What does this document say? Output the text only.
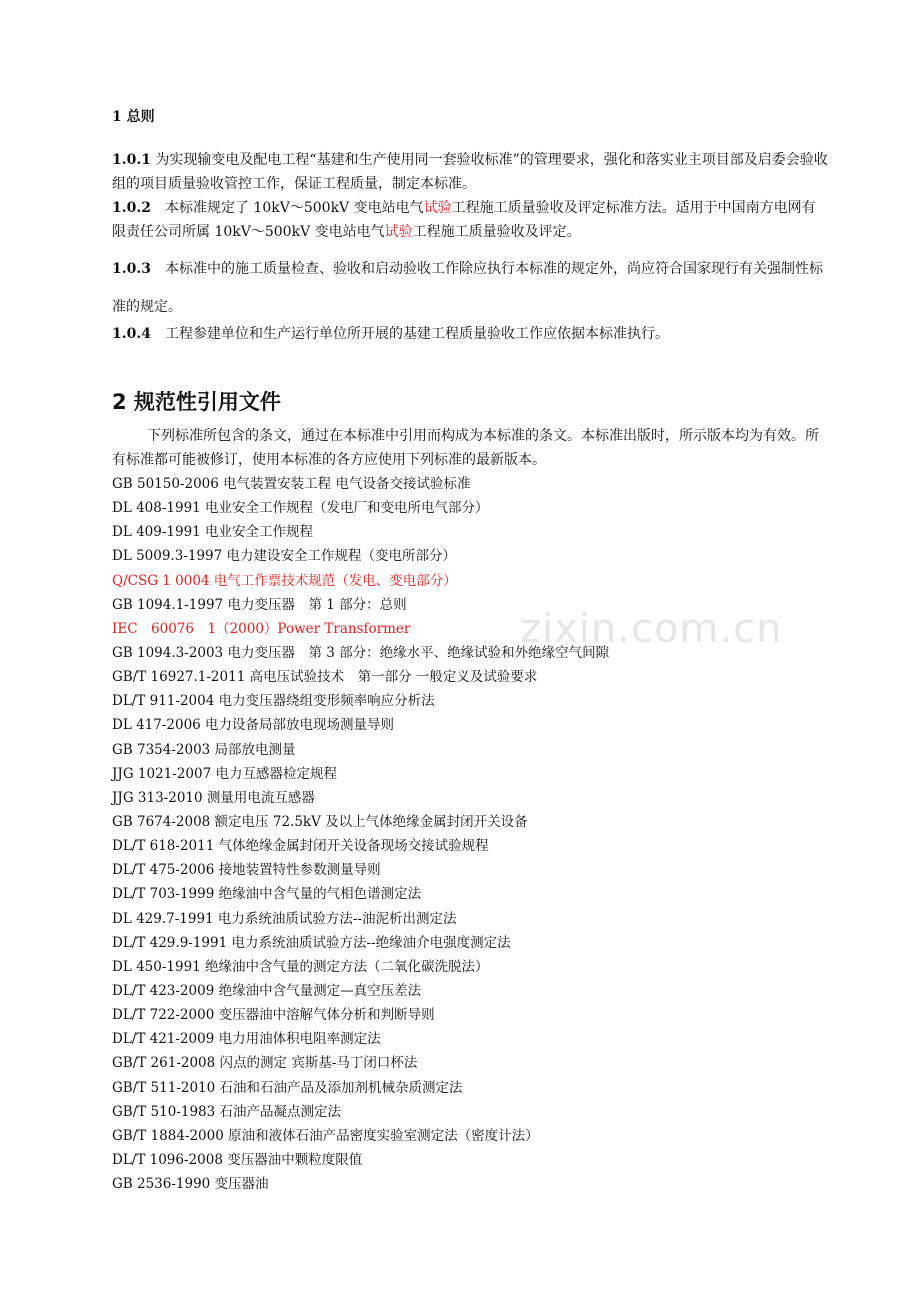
zixin.com.cn
1 总则
1.0.1 为实现输变电及配电工程“基建和生产使用同一套验收标准”的管理要求，强化和落实业主项目部及启委会验收组的项目质量验收管控工作，保证工程质量，制定本标准。
1.0.2　本标准规定了 10kV～500kV 变电站电气试验工程施工质量验收及评定标准方法。适用于中国南方电网有限责任公司所属 10kV～500kV 变电站电气试验工程施工质量验收及评定。
1.0.3　本标准中的施工质量检查、验收和启动验收工作除应执行本标准的规定外，尚应符合国家现行有关强制性标准的规定。
1.0.4　工程参建单位和生产运行单位所开展的基建工程质量验收工作应依据本标准执行。
2 规范性引用文件
下列标准所包含的条文，通过在本标准中引用而构成为本标准的条文。本标准出版时，所示版本均为有效。所有标准都可能被修订，使用本标准的各方应使用下列标准的最新版本。
GB 50150-2006 电气装置安装工程 电气设备交接试验标准
DL 408-1991 电业安全工作规程（发电厂和变电所电气部分）
DL 409-1991 电业安全工作规程
DL 5009.3-1997 电力建设安全工作规程（变电所部分）
Q/CSG 1 0004 电气工作票技术规范（发电、变电部分）
GB 1094.1-1997 电力变压器　第 1 部分：总则
IEC　60076　1（2000）Power Transformer
GB 1094.3-2003 电力变压器　第 3 部分：绝缘水平、绝缘试验和外绝缘空气间隙
GB/T 16927.1-2011 高电压试验技术　第一部分 一般定义及试验要求
DL/T 911-2004 电力变压器绕组变形频率响应分析法
DL 417-2006 电力设备局部放电现场测量导则
GB 7354-2003 局部放电测量
JJG 1021-2007 电力互感器检定规程
JJG 313-2010 测量用电流互感器
GB 7674-2008 额定电压 72.5kV 及以上气体绝缘金属封闭开关设备
DL/T 618-2011 气体绝缘金属封闭开关设备现场交接试验规程
DL/T 475-2006 接地装置特性参数测量导则
DL/T 703-1999 绝缘油中含气量的气相色谱测定法
DL 429.7-1991 电力系统油质试验方法--油泥析出测定法
DL/T 429.9-1991 电力系统油质试验方法--绝缘油介电强度测定法
DL 450-1991 绝缘油中含气量的测定方法（二氧化碳洗脱法）
DL/T 423-2009 绝缘油中含气量测定—真空压差法
DL/T 722-2000 变压器油中溶解气体分析和判断导则
DL/T 421-2009 电力用油体积电阻率测定法
GB/T 261-2008 闪点的测定 宾斯基-马丁闭口杯法
GB/T 511-2010 石油和石油产品及添加剂机械杂质测定法
GB/T 510-1983 石油产品凝点测定法
GB/T 1884-2000 原油和液体石油产品密度实验室测定法（密度计法）
DL/T 1096-2008 变压器油中颗粒度限值
GB 2536-1990 变压器油
